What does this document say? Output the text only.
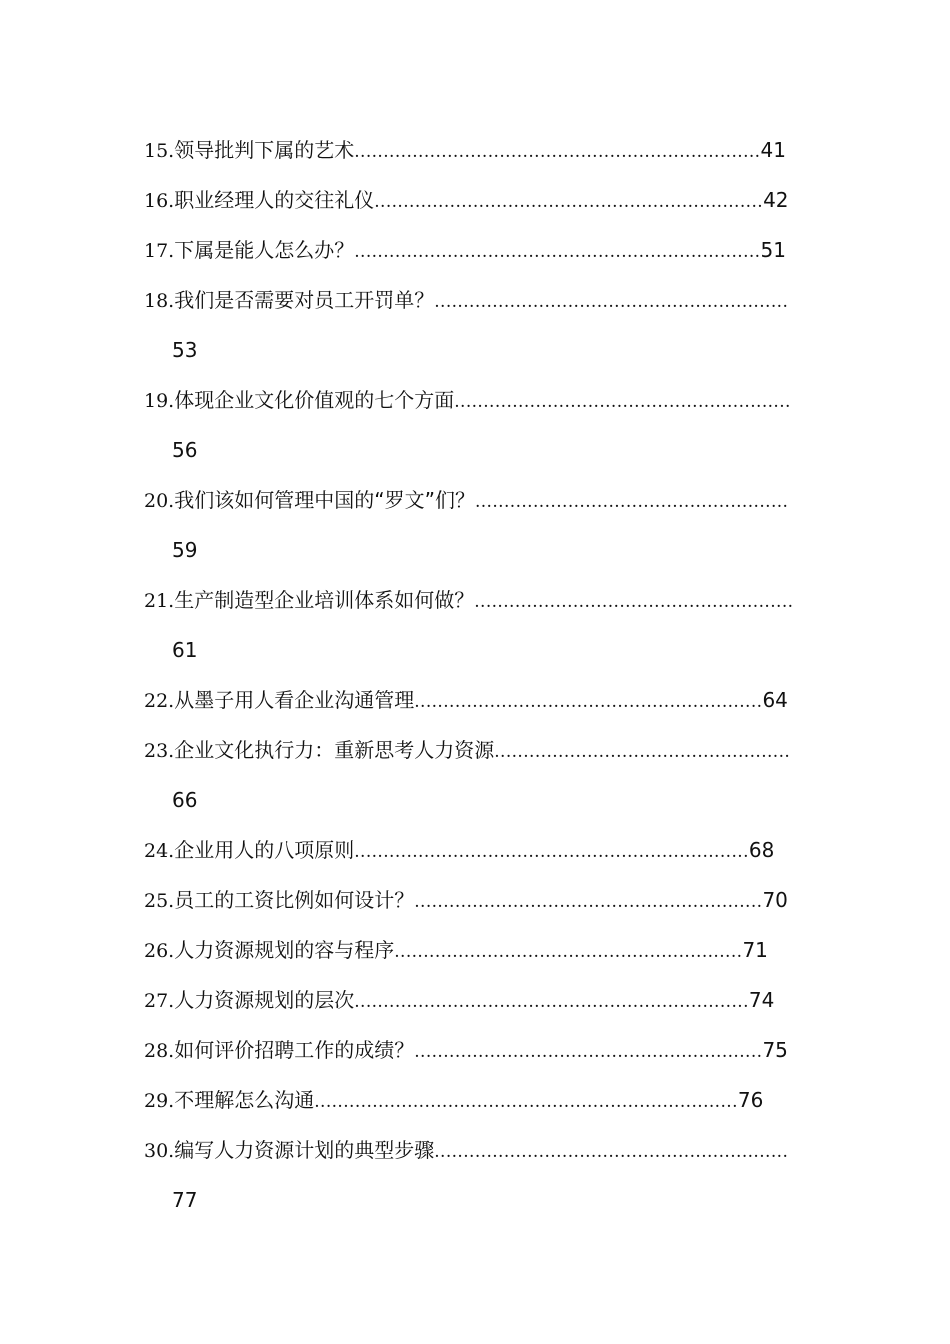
15.领导批判下属的艺术......................................................................41
16.职业经理人的交往礼仪...................................................................42
17.下属是能人怎么办？......................................................................51
18.我们是否需要对员工开罚单？.............................................................
53
19.体现企业文化价值观的七个方面..........................................................
56
20.我们该如何管理中国的“罗文”们？......................................................
59
21.生产制造型企业培训体系如何做？.......................................................
61
22.从墨子用人看企业沟通管理............................................................64
23.企业文化执行力：重新思考人力资源...................................................
66
24.企业用人的八项原则....................................................................68
25.员工的工资比例如何设计？............................................................70
26.人力资源规划的容与程序............................................................71
27.人力资源规划的层次....................................................................74
28.如何评价招聘工作的成绩？............................................................75
29.不理解怎么沟通.........................................................................76
30.编写人力资源计划的典型步骤.............................................................
77
